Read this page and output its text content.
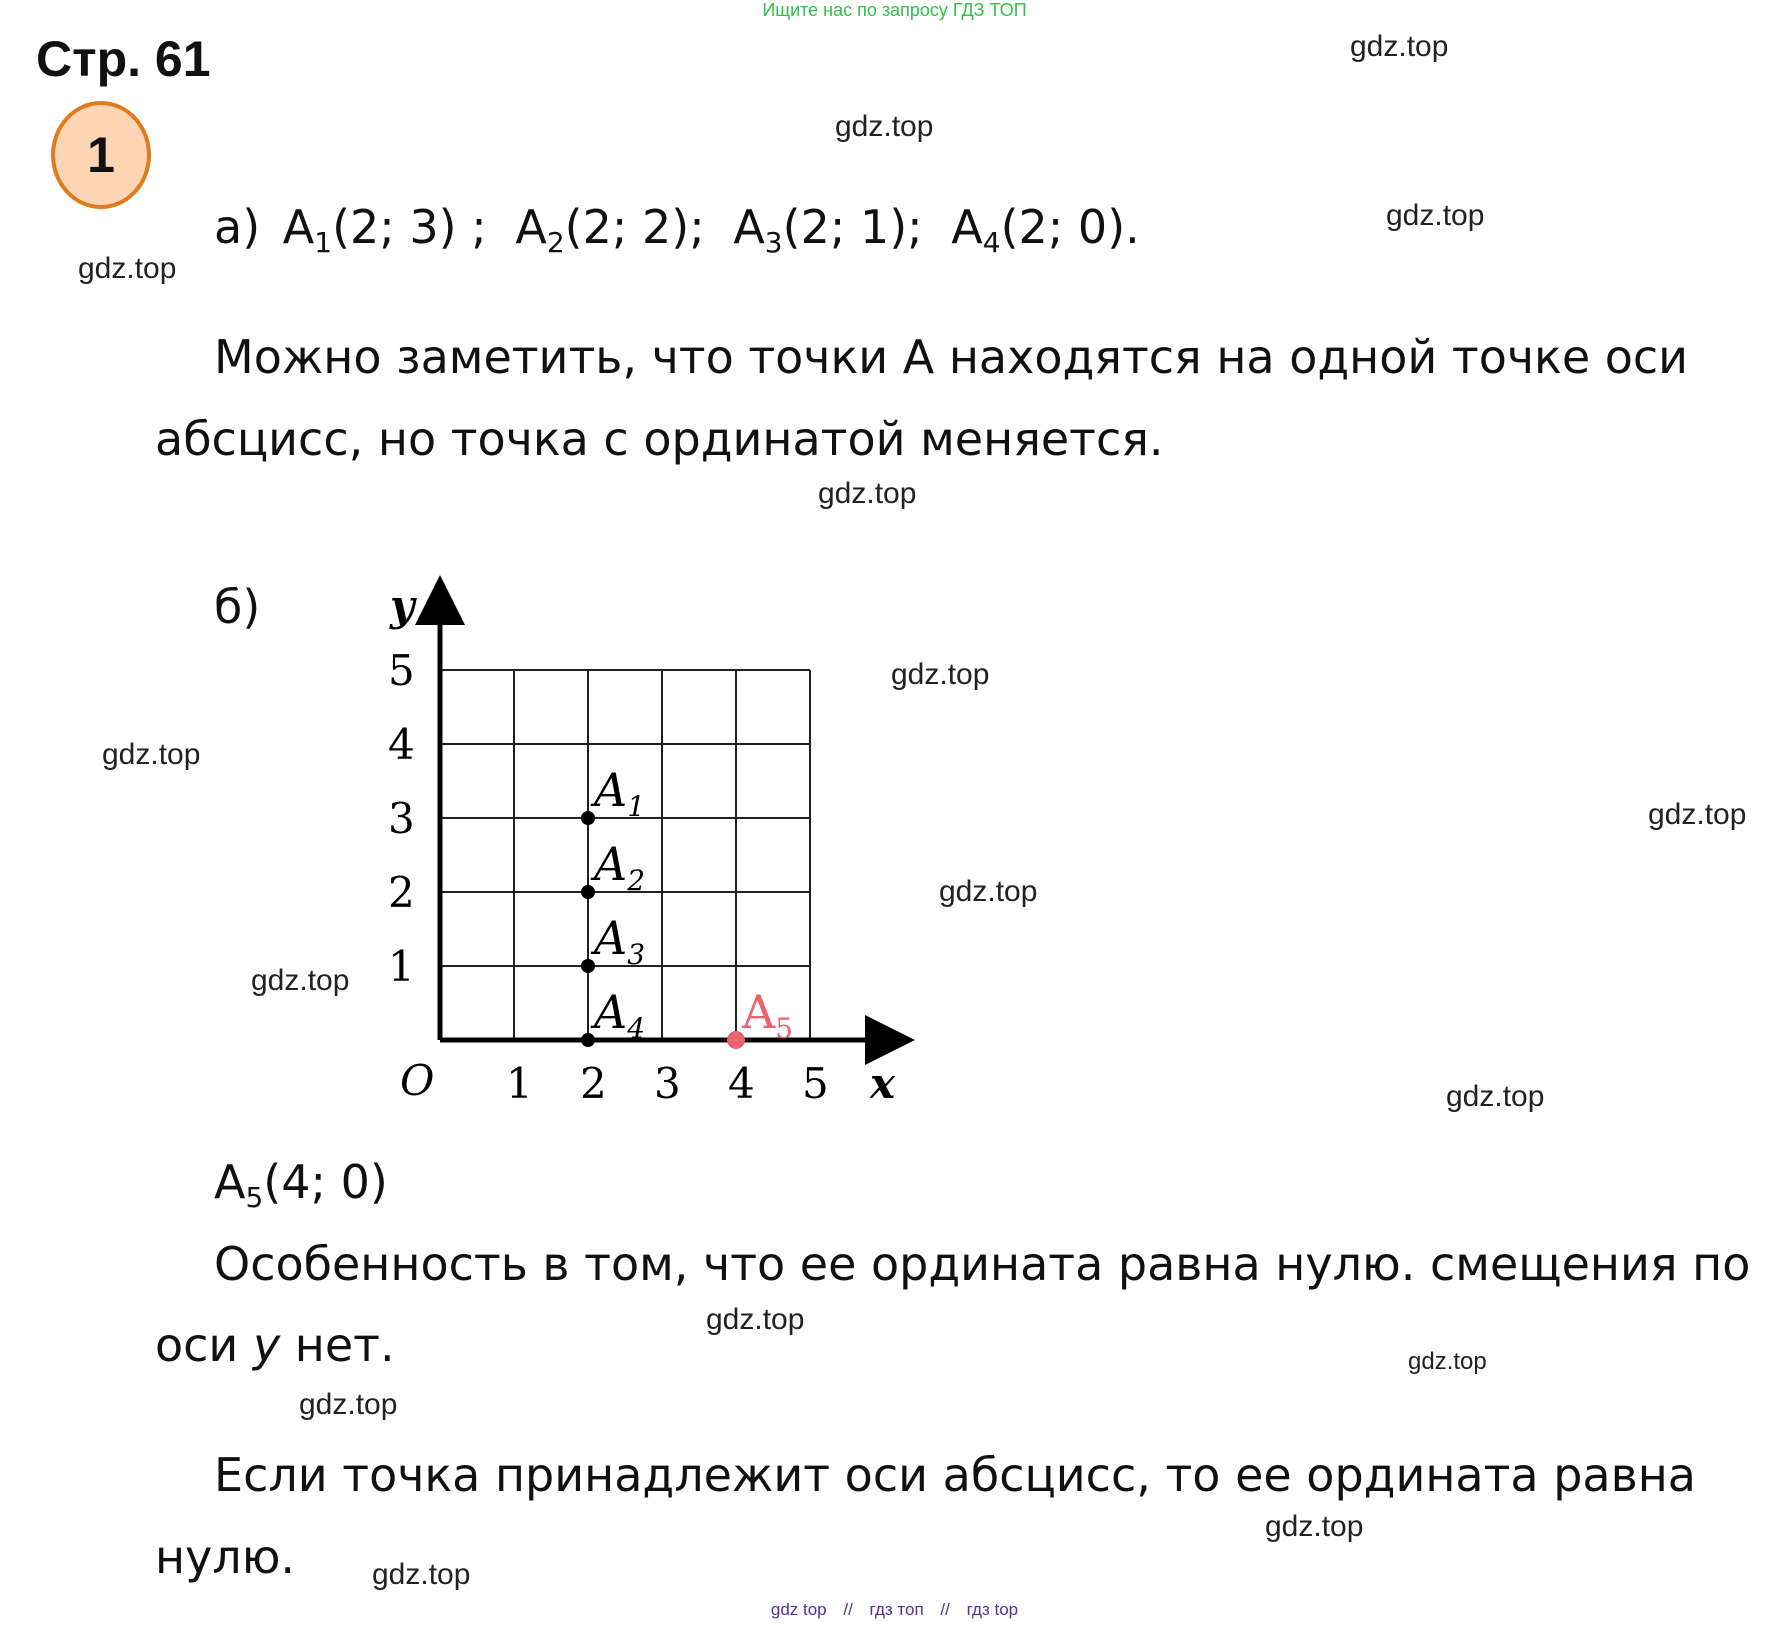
Ищите нас по запросу ГДЗ ТОП
Стр. 61
1
а) $A_1(2$; 3) ; $A_2(2$; 2); $A_3(2$; 1); $A_4(2$; 0).
Можно заметить, что точки А находятся на одной точке оси
абсцисс, но точка с ординатой меняется.
б)
O	x
y
1 2 3 4 5
1
2
3
4
5
$A_1$
$A_2$
$A_3$
$A_4$ $A_5$
$A_5(4$; 0)
Особенность в том, что ее ордината равна нулю. смещения по
оси y нет.
Если точка принадлежит оси абсцисс, то ее ордината равна
нулю.
gdz.top
gdz.top
gdz.top
gdz.top
gdz.top
gdz.top
gdz.top
gdz.top
gdz.top
gdz.top
gdz.top
gdz.top
gdz.top
gdz.top
gdz.top
gdz.top
gdz top // гдз топ // гдз top
